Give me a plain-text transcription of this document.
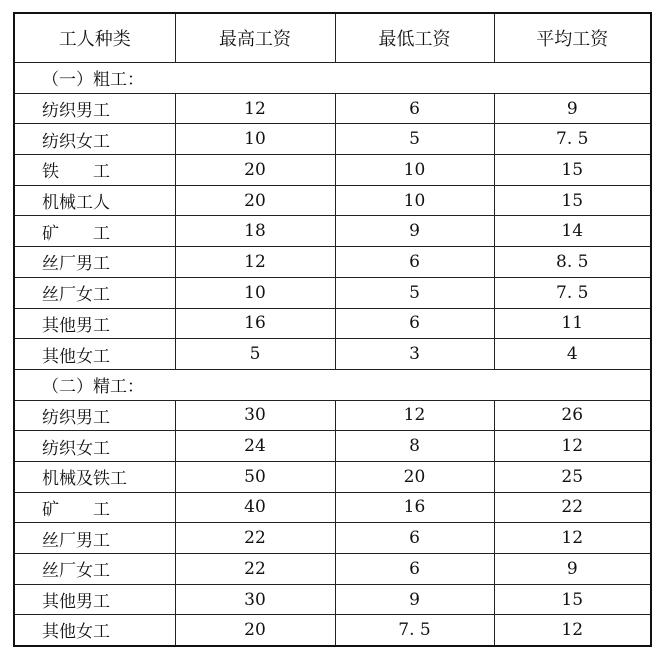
工人种类	最高工资	最低工资	平均工资
（一）粗工：			
纺织男工	12	6	9
纺织女工	10	5	7. 5
铁　　工	20	10	15
机械工人	20	10	15
矿　　工	18	9	14
丝厂男工	12	6	8. 5
丝厂女工	10	5	7. 5
其他男工	16	6	11
其他女工	5	3	4
（二）精工：			
纺织男工	30	12	26
纺织女工	24	8	12
机械及铁工	50	20	25
矿　　工	40	16	22
丝厂男工	22	6	12
丝厂女工	22	6	9
其他男工	30	9	15
其他女工	20	7. 5	12
